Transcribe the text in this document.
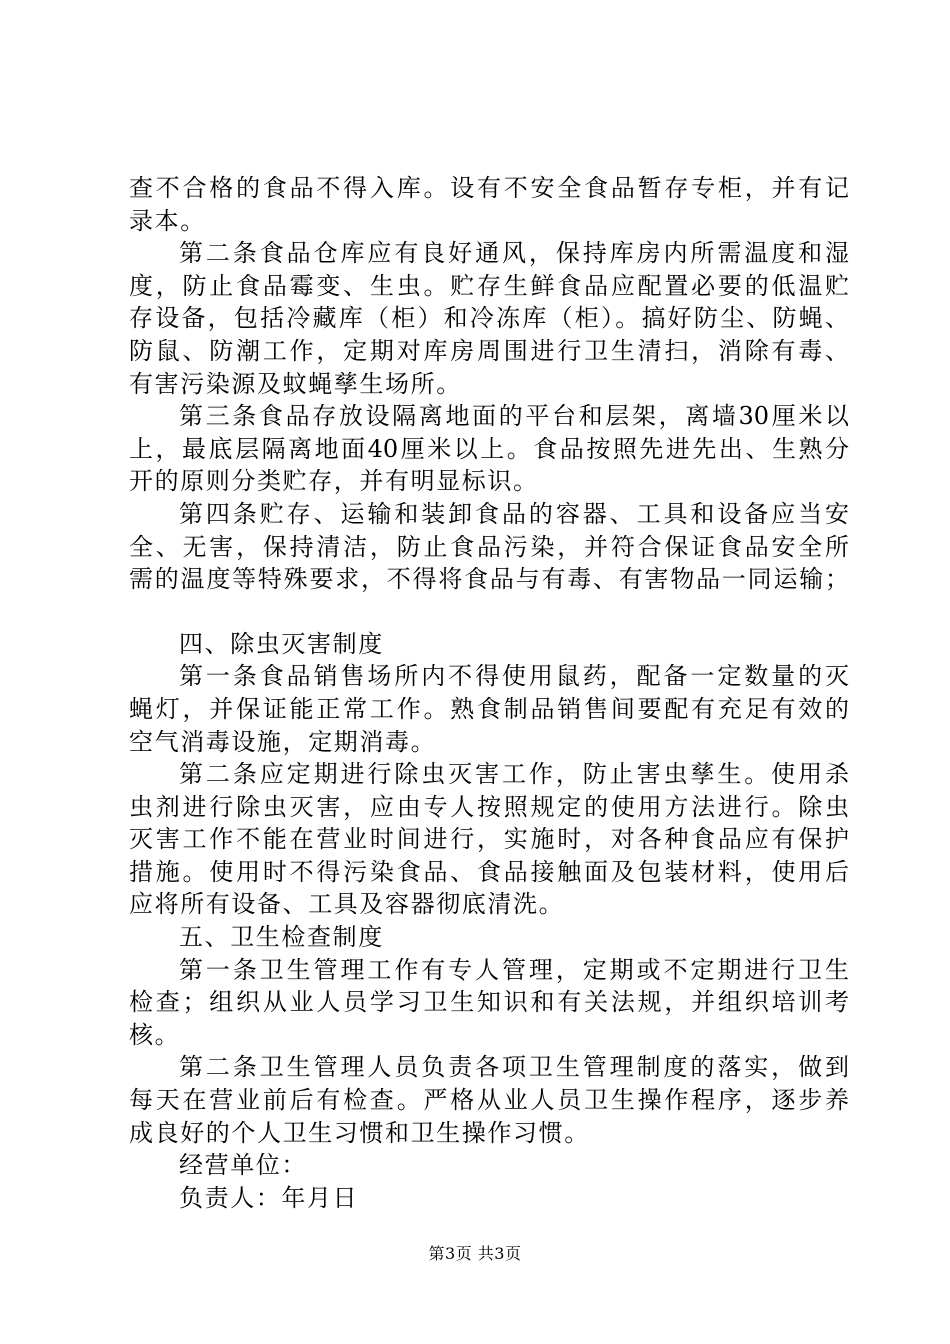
查不合格的食品不得入库。设有不安全食品暂存专柜，并有记
录本。
第二条食品仓库应有良好通风，保持库房内所需温度和湿
度，防止食品霉变、生虫。贮存生鲜食品应配置必要的低温贮
存设备，包括冷藏库（柜）和冷冻库（柜）。搞好防尘、防蝇、
防鼠、防潮工作，定期对库房周围进行卫生清扫，消除有毒、
有害污染源及蚊蝇孳生场所。
第三条食品存放设隔离地面的平台和层架，离墙30厘米以
上，最底层隔离地面40厘米以上。食品按照先进先出、生熟分
开的原则分类贮存，并有明显标识。
第四条贮存、运输和装卸食品的容器、工具和设备应当安
全、无害，保持清洁，防止食品污染，并符合保证食品安全所
需的温度等特殊要求，不得将食品与有毒、有害物品一同运输；
四、除虫灭害制度
第一条食品销售场所内不得使用鼠药，配备一定数量的灭
蝇灯，并保证能正常工作。熟食制品销售间要配有充足有效的
空气消毒设施，定期消毒。
第二条应定期进行除虫灭害工作，防止害虫孳生。使用杀
虫剂进行除虫灭害，应由专人按照规定的使用方法进行。除虫
灭害工作不能在营业时间进行，实施时，对各种食品应有保护
措施。使用时不得污染食品、食品接触面及包装材料，使用后
应将所有设备、工具及容器彻底清洗。
五、卫生检查制度
第一条卫生管理工作有专人管理，定期或不定期进行卫生
检查；组织从业人员学习卫生知识和有关法规，并组织培训考
核。
第二条卫生管理人员负责各项卫生管理制度的落实，做到
每天在营业前后有检查。严格从业人员卫生操作程序，逐步养
成良好的个人卫生习惯和卫生操作习惯。
经营单位：
负责人：年月日
第3页 共3页
